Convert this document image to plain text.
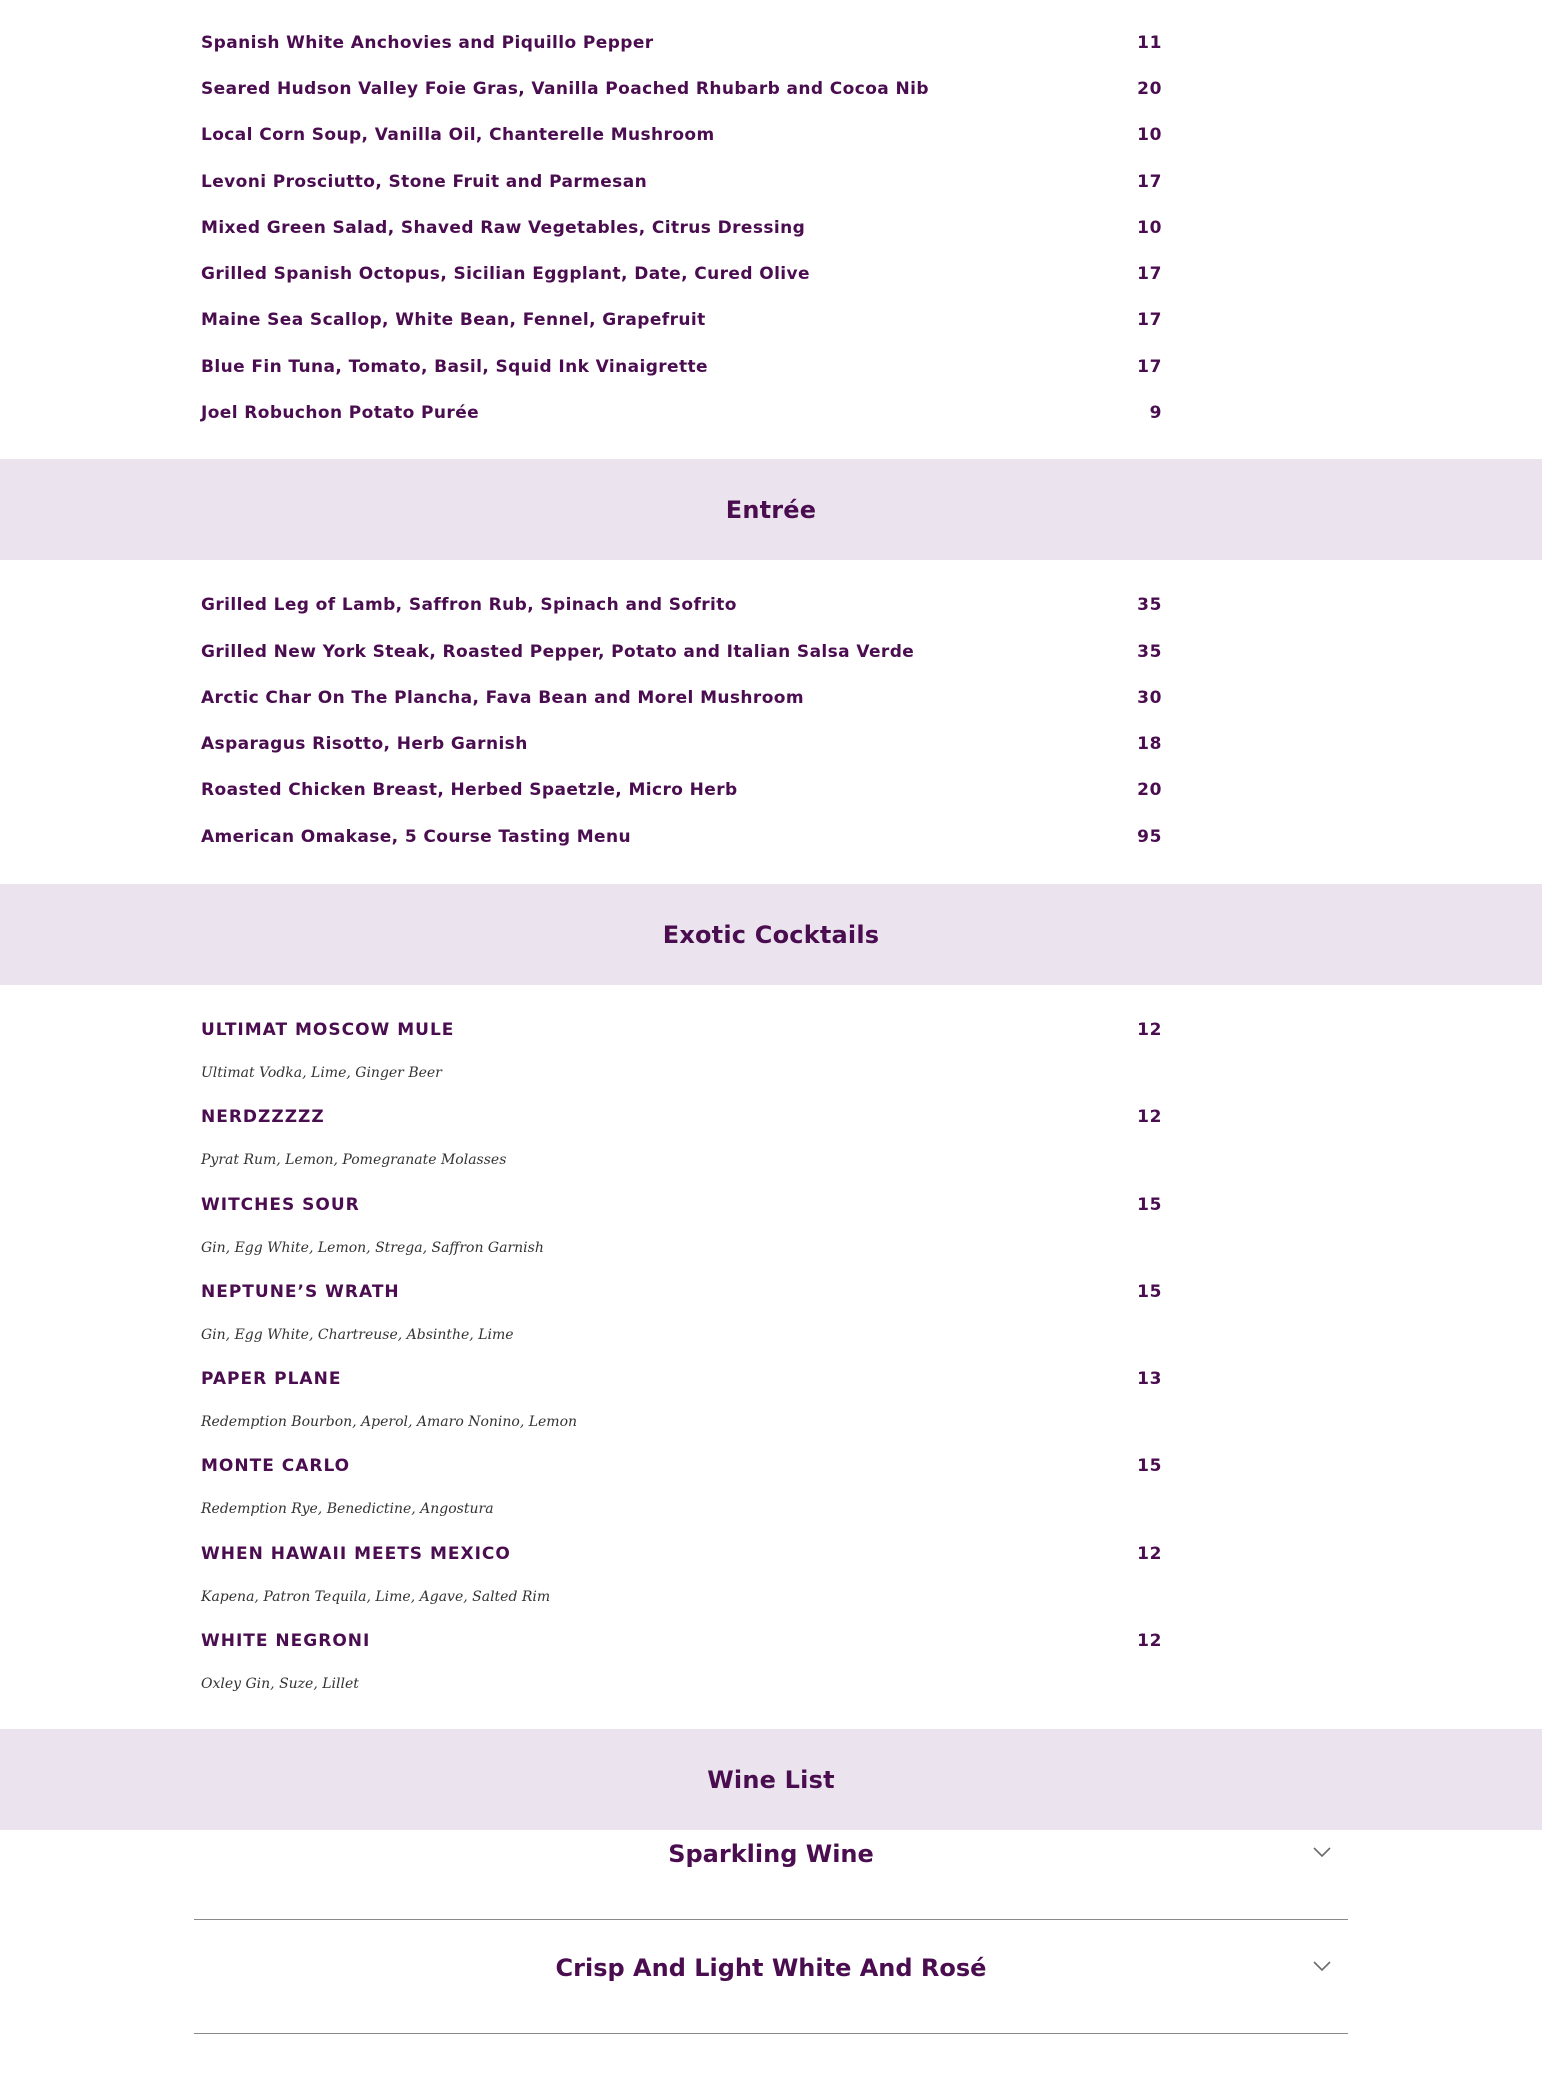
Spanish White Anchovies and Piquillo Pepper	11
Seared Hudson Valley Foie Gras, Vanilla Poached Rhubarb and Cocoa Nib	20
Local Corn Soup, Vanilla Oil, Chanterelle Mushroom	10
Levoni Prosciutto, Stone Fruit and Parmesan	17
Mixed Green Salad, Shaved Raw Vegetables, Citrus Dressing	10
Grilled Spanish Octopus, Sicilian Eggplant, Date, Cured Olive	17
Maine Sea Scallop, White Bean, Fennel, Grapefruit	17
Blue Fin Tuna, Tomato, Basil, Squid Ink Vinaigrette	17
Joel Robuchon Potato Purée	9
Entrée
Grilled Leg of Lamb, Saffron Rub, Spinach and Sofrito	35
Grilled New York Steak, Roasted Pepper, Potato and Italian Salsa Verde	35
Arctic Char On The Plancha, Fava Bean and Morel Mushroom	30
Asparagus Risotto, Herb Garnish	18
Roasted Chicken Breast, Herbed Spaetzle, Micro Herb	20
American Omakase, 5 Course Tasting Menu	95
Exotic Cocktails
ULTIMAT MOSCOW MULE	12
Ultimat Vodka, Lime, Ginger Beer
NERDZZZZZ	12
Pyrat Rum, Lemon, Pomegranate Molasses
WITCHES SOUR	15
Gin, Egg White, Lemon, Strega, Saffron Garnish
NEPTUNE’S WRATH	15
Gin, Egg White, Chartreuse, Absinthe, Lime
PAPER PLANE	13
Redemption Bourbon, Aperol, Amaro Nonino, Lemon
MONTE CARLO	15
Redemption Rye, Benedictine, Angostura
WHEN HAWAII MEETS MEXICO	12
Kapena, Patron Tequila, Lime, Agave, Salted Rim
WHITE NEGRONI	12
Oxley Gin, Suze, Lillet
Wine List
Sparkling Wine
Crisp And Light White And Rosé
